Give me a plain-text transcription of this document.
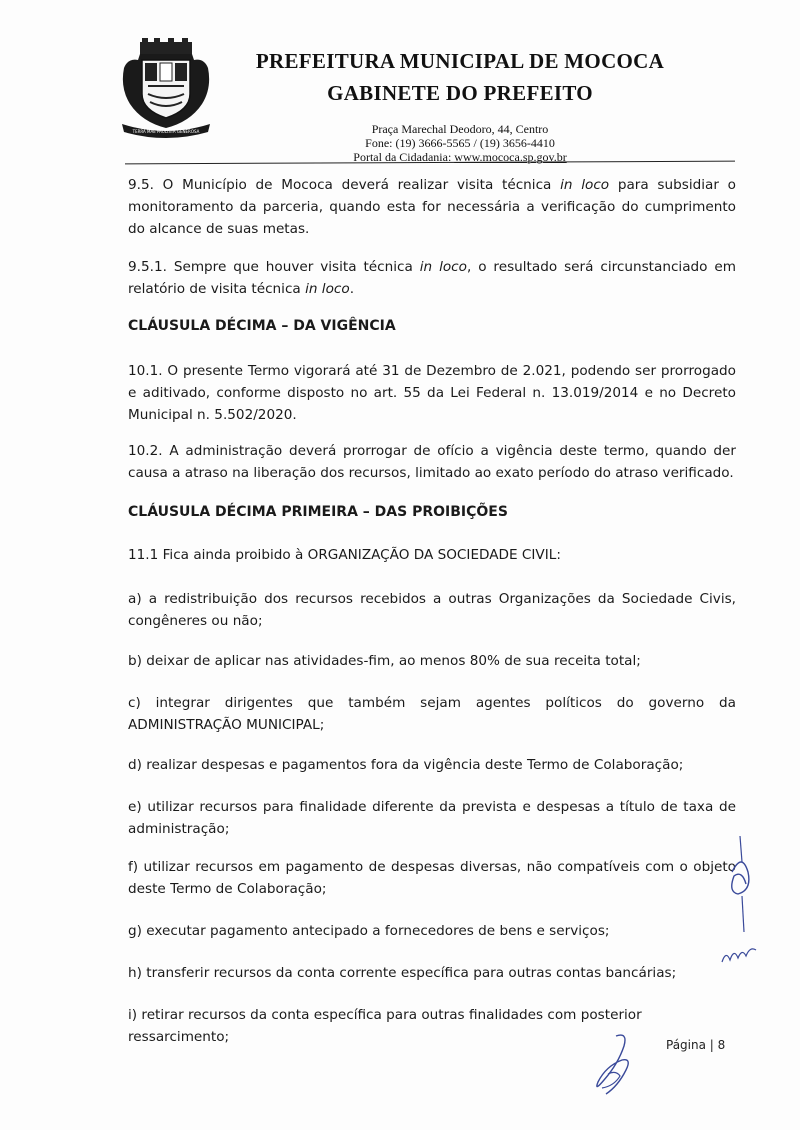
TERRA MÃE PAULISTA GENEROSA
PREFEITURA MUNICIPAL DE MOCOCA
GABINETE DO PREFEITO
Praça Marechal Deodoro, 44, Centro
Fone: (19) 3666-5565 / (19) 3656-4410
Portal da Cidadania: www.mococa.sp.gov.br

9.5. O Município de Mococa deverá realizar visita técnica in loco para subsidiar o monitoramento da parceria, quando esta for necessária a verificação do cumprimento do alcance de suas metas.

9.5.1. Sempre que houver visita técnica in loco, o resultado será circunstanciado em relatório de visita técnica in loco.

CLÁUSULA DÉCIMA – DA VIGÊNCIA

10.1. O presente Termo vigorará até 31 de Dezembro de 2.021, podendo ser prorrogado e aditivado, conforme disposto no art. 55 da Lei Federal n. 13.019/2014 e no Decreto Municipal n. 5.502/2020.

10.2. A administração deverá prorrogar de ofício a vigência deste termo, quando der causa a atraso na liberação dos recursos, limitado ao exato período do atraso verificado.

CLÁUSULA DÉCIMA PRIMEIRA – DAS PROIBIÇÕES

11.1 Fica ainda proibido à ORGANIZAÇÃO DA SOCIEDADE CIVIL:

a) a redistribuição dos recursos recebidos a outras Organizações da Sociedade Civis, congêneres ou não;

b) deixar de aplicar nas atividades-fim, ao menos 80% de sua receita total;

c) integrar dirigentes que também sejam agentes políticos do governo da ADMINISTRAÇÃO MUNICIPAL;

d) realizar despesas e pagamentos fora da vigência deste Termo de Colaboração;

e) utilizar recursos para finalidade diferente da prevista e despesas a título de taxa de administração;

f) utilizar recursos em pagamento de despesas diversas, não compatíveis com o objeto deste Termo de Colaboração;

g) executar pagamento antecipado a fornecedores de bens e serviços;

h) transferir recursos da conta corrente específica para outras contas bancárias;

i) retirar recursos da conta específica para outras finalidades com posterior ressarcimento;	Página | 8
